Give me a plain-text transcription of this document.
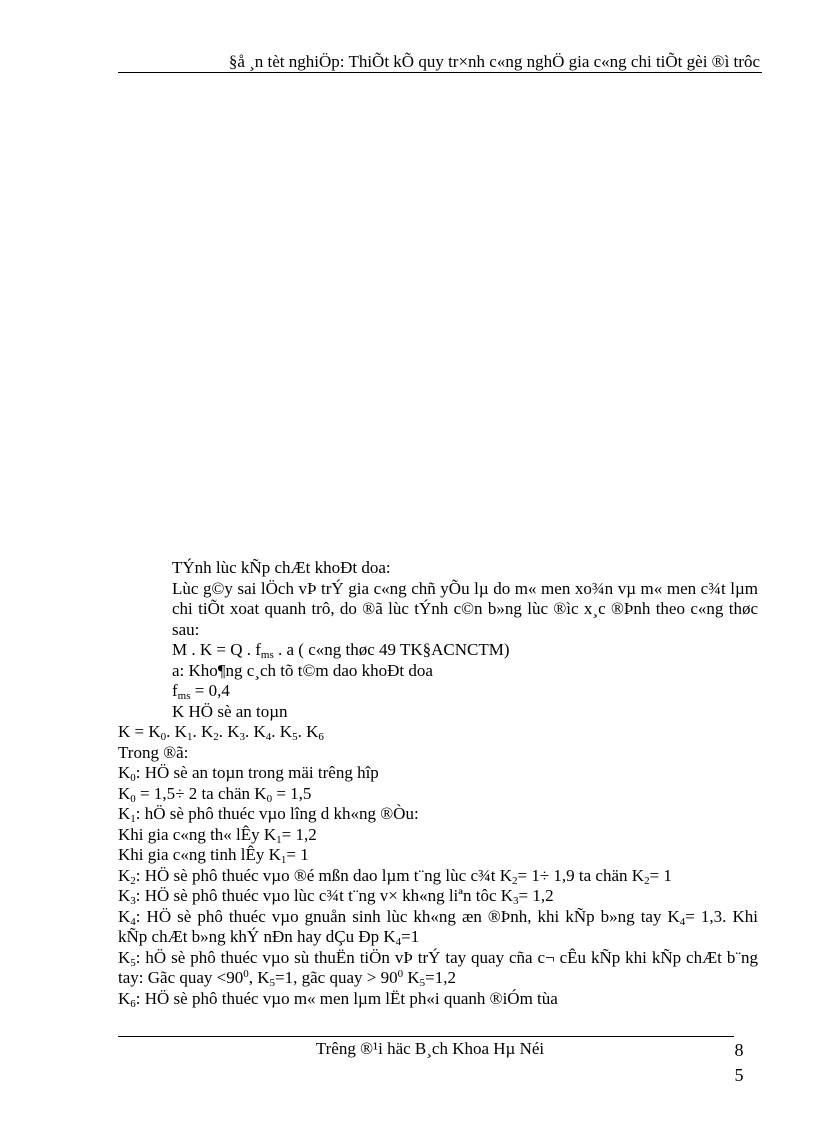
§å ¸n tèt nghiÖp: ThiÕt kÕ quy tr×nh c«ng nghÖ gia c«ng chi tiÕt gèi ®ì trôc
TÝnh lùc kÑp chÆt khoÐt doa:
Lùc g©y sai lÖch vÞ trÝ gia c«ng chñ yÕu lµ do m« men xo¾n vµ m« men c¾t lµm chi tiÕt xoat quanh trô, do ®ã lùc tÝnh c©n b»ng lùc ®ìc x¸c ®Þnh theo c«ng thøc sau:
M . K = Q . $f_{ms}$ . a ( c«ng thøc 49 TK§ACNCTM)
a: Kho¶ng c¸ch tõ t©m dao khoÐt doa
$f_{ms} = 0,4$
K HÖ sè an toµn
$K = K_0$. $K_1$. $K_2$. $K_3$. $K_4$. $K_5$. $K_6$
Trong ®ã:
$K_0$: HÖ sè an toµn trong mäi trêng hîp
$K_0 = 1,5\div 2$ ta chän $K_0 = 1,5$
$K_1$: hÖ sè phô thuéc vµo lîng d kh«ng ®Òu:
Khi gia c«ng th« lÊy $K_1= 1,2$
Khi gia c«ng tinh lÊy $K_1= 1$
$K_2$: HÖ sè phô thuéc vµo ®é mßn dao lµm t¨ng lùc c¾t $K_2= 1\div 1,9$ ta chän $K_2= 1$
$K_3$: HÖ sè phô thuéc vµo lùc c¾t t¨ng v× kh«ng liªn tôc $K_3= 1,2$
$K_4$: HÖ sè phô thuéc vµo gnuån sinh lùc kh«ng æn ®Þnh, khi kÑp b»ng tay $K_4= 1,3$. Khi kÑp chÆt b»ng khÝ nÐn hay dÇu Ðp $K_4=1$
$K_5$: hÖ sè phô thuéc vµo sù thuËn tiÖn vÞ trÝ tay quay cña c¬ cÊu kÑp khi kÑp chÆt b¨ng tay: Gãc quay $<90^0$, $K_5=1$, gãc quay > $90^0$ $K_5=1,2$
$K_6$: HÖ sè phô thuéc vµo m« men lµm lËt ph«i quanh ®iÓm tùa
Trêng ®¹i häc B¸ch Khoa Hµ Néi	8
5
